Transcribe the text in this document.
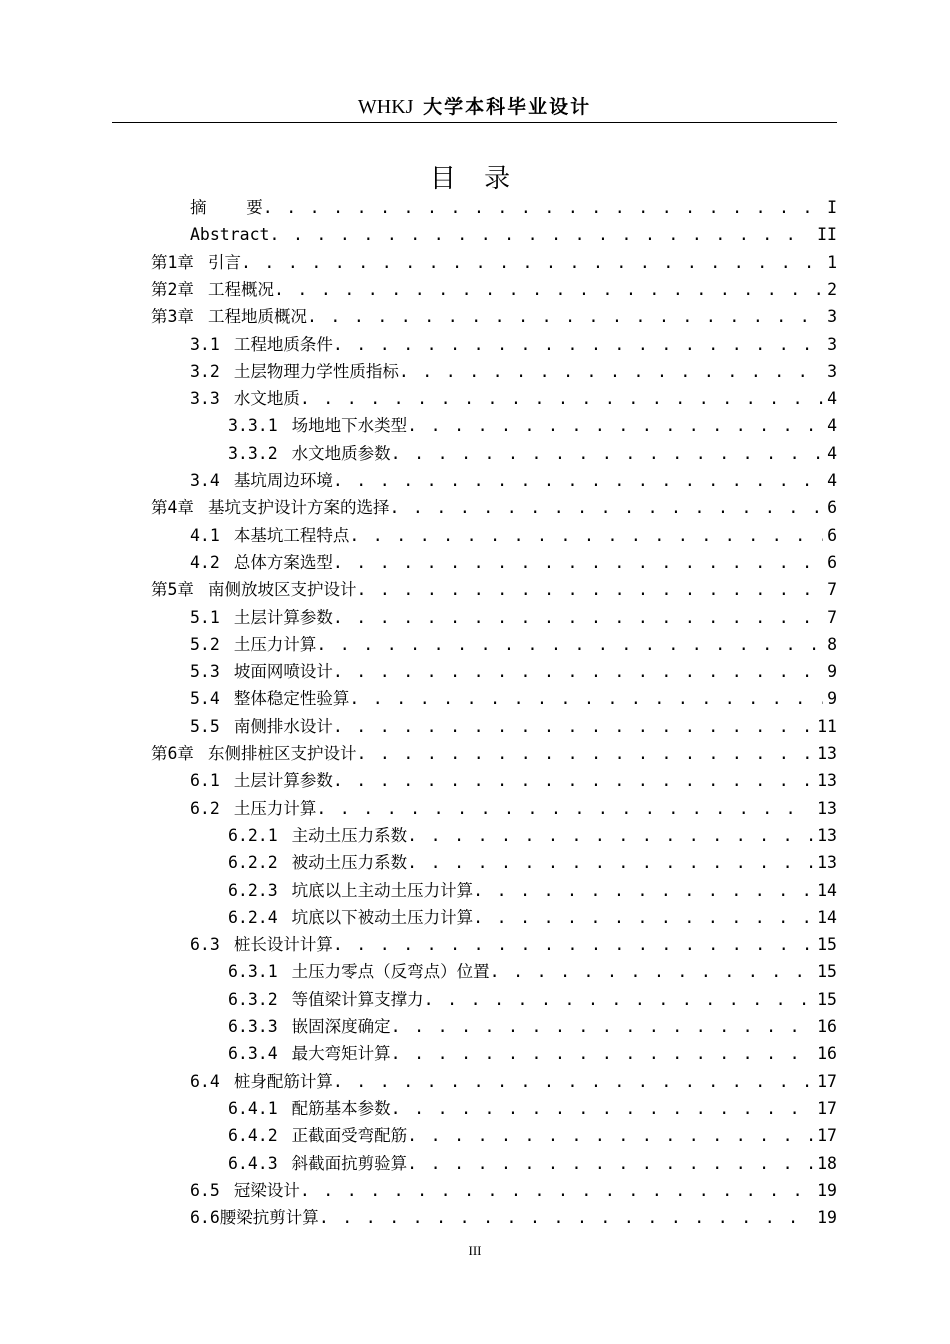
WHKJ 大学本科毕业设计
目 录
摘    要 . . .	I
Abstract . . .	II
第1章 引言 . . .	1
第2章 工程概况 . . .	2
第3章 工程地质概况 . . .	3
3.1 工程地质条件 . . .	3
3.2 土层物理力学性质指标 . . .	3
3.3 水文地质 . . .	4
3.3.1 场地地下水类型 . . .	4
3.3.2 水文地质参数 . . .	4
3.4 基坑周边环境 . . .	4
第4章 基坑支护设计方案的选择 . . .	6
4.1 本基坑工程特点 . . .	6
4.2 总体方案选型 . . .	6
第5章 南侧放坡区支护设计 . . .	7
5.1 土层计算参数 . . .	7
5.2 土压力计算 . . .	8
5.3 坡面网喷设计 . . .	9
5.4 整体稳定性验算 . . .	9
5.5 南侧排水设计 . . .	11
第6章 东侧排桩区支护设计 . . .	13
6.1 土层计算参数 . . .	13
6.2 土压力计算 . . .	13
6.2.1 主动土压力系数 . . .	13
6.2.2 被动土压力系数 . . .	13
6.2.3 坑底以上主动土压力计算 . . .	14
6.2.4 坑底以下被动土压力计算 . . .	14
6.3 桩长设计计算 . . .	15
6.3.1 土压力零点（反弯点）位置 . . .	15
6.3.2 等值梁计算支撑力 . . .	15
6.3.3 嵌固深度确定 . . .	16
6.3.4 最大弯矩计算 . . .	16
6.4 桩身配筋计算 . . .	17
6.4.1 配筋基本参数 . . .	17
6.4.2 正截面受弯配筋 . . .	17
6.4.3 斜截面抗剪验算 . . .	18
6.5 冠梁设计 . . .	19
6.6腰梁抗剪计算 . . .	19
III
